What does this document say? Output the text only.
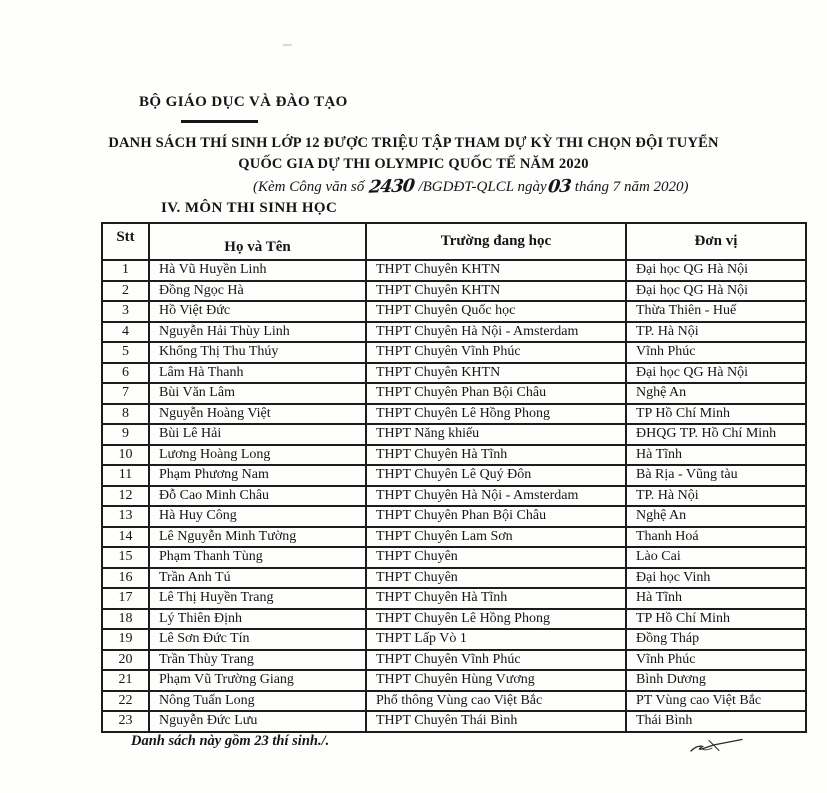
BỘ GIÁO DỤC VÀ ĐÀO TẠO
DANH SÁCH THÍ SINH LỚP 12 ĐƯỢC TRIỆU TẬP THAM DỰ KỲ THI CHỌN ĐỘI TUYỂN
QUỐC GIA DỰ THI OLYMPIC QUỐC TẾ NĂM 2020
(Kèm Công văn số 2430 /BGDĐT-QLCL ngày03 tháng 7 năm 2020)
IV. MÔN THI SINH HỌC
Stt	Họ và Tên	Trường đang học	Đơn vị
1	Hà Vũ Huyền Linh	THPT Chuyên KHTN	Đại học QG Hà Nội
2	Đồng Ngọc Hà	THPT Chuyên KHTN	Đại học QG Hà Nội
3	Hồ Việt Đức	THPT Chuyên Quốc học	Thừa Thiên - Huế
4	Nguyễn Hải Thùy Linh	THPT Chuyên Hà Nội - Amsterdam	TP. Hà Nội
5	Khổng Thị Thu Thúy	THPT Chuyên Vĩnh Phúc	Vĩnh Phúc
6	Lâm Hà Thanh	THPT Chuyên KHTN	Đại học QG Hà Nội
7	Bùi Văn Lâm	THPT Chuyên Phan Bội Châu	Nghệ An
8	Nguyễn Hoàng Việt	THPT Chuyên Lê Hồng Phong	TP Hồ Chí Minh
9	Bùi Lê Hải	THPT Năng khiếu	ĐHQG TP. Hồ Chí Minh
10	Lương Hoàng Long	THPT Chuyên Hà Tĩnh	Hà Tĩnh
11	Phạm Phương Nam	THPT Chuyên Lê Quý Đôn	Bà Rịa - Vũng tàu
12	Đỗ Cao Minh Châu	THPT Chuyên Hà Nội - Amsterdam	TP. Hà Nội
13	Hà Huy Công	THPT Chuyên Phan Bội Châu	Nghệ An
14	Lê Nguyễn Minh Tường	THPT Chuyên Lam Sơn	Thanh Hoá
15	Phạm Thanh Tùng	THPT Chuyên	Lào Cai
16	Trần Anh Tú	THPT Chuyên	Đại học Vinh
17	Lê Thị Huyền Trang	THPT Chuyên Hà Tĩnh	Hà Tĩnh
18	Lý Thiên Định	THPT Chuyên Lê Hồng Phong	TP Hồ Chí Minh
19	Lê Sơn Đức Tín	THPT Lấp Vò 1	Đồng Tháp
20	Trần Thùy Trang	THPT Chuyên Vĩnh Phúc	Vĩnh Phúc
21	Phạm Vũ Trường Giang	THPT Chuyên Hùng Vương	Bình Dương
22	Nông Tuấn Long	Phổ thông Vùng cao Việt Bắc	PT Vùng cao Việt Bắc
23	Nguyễn Đức Lưu	THPT Chuyên Thái Bình	Thái Bình
Danh sách này gồm 23 thí sinh./.
